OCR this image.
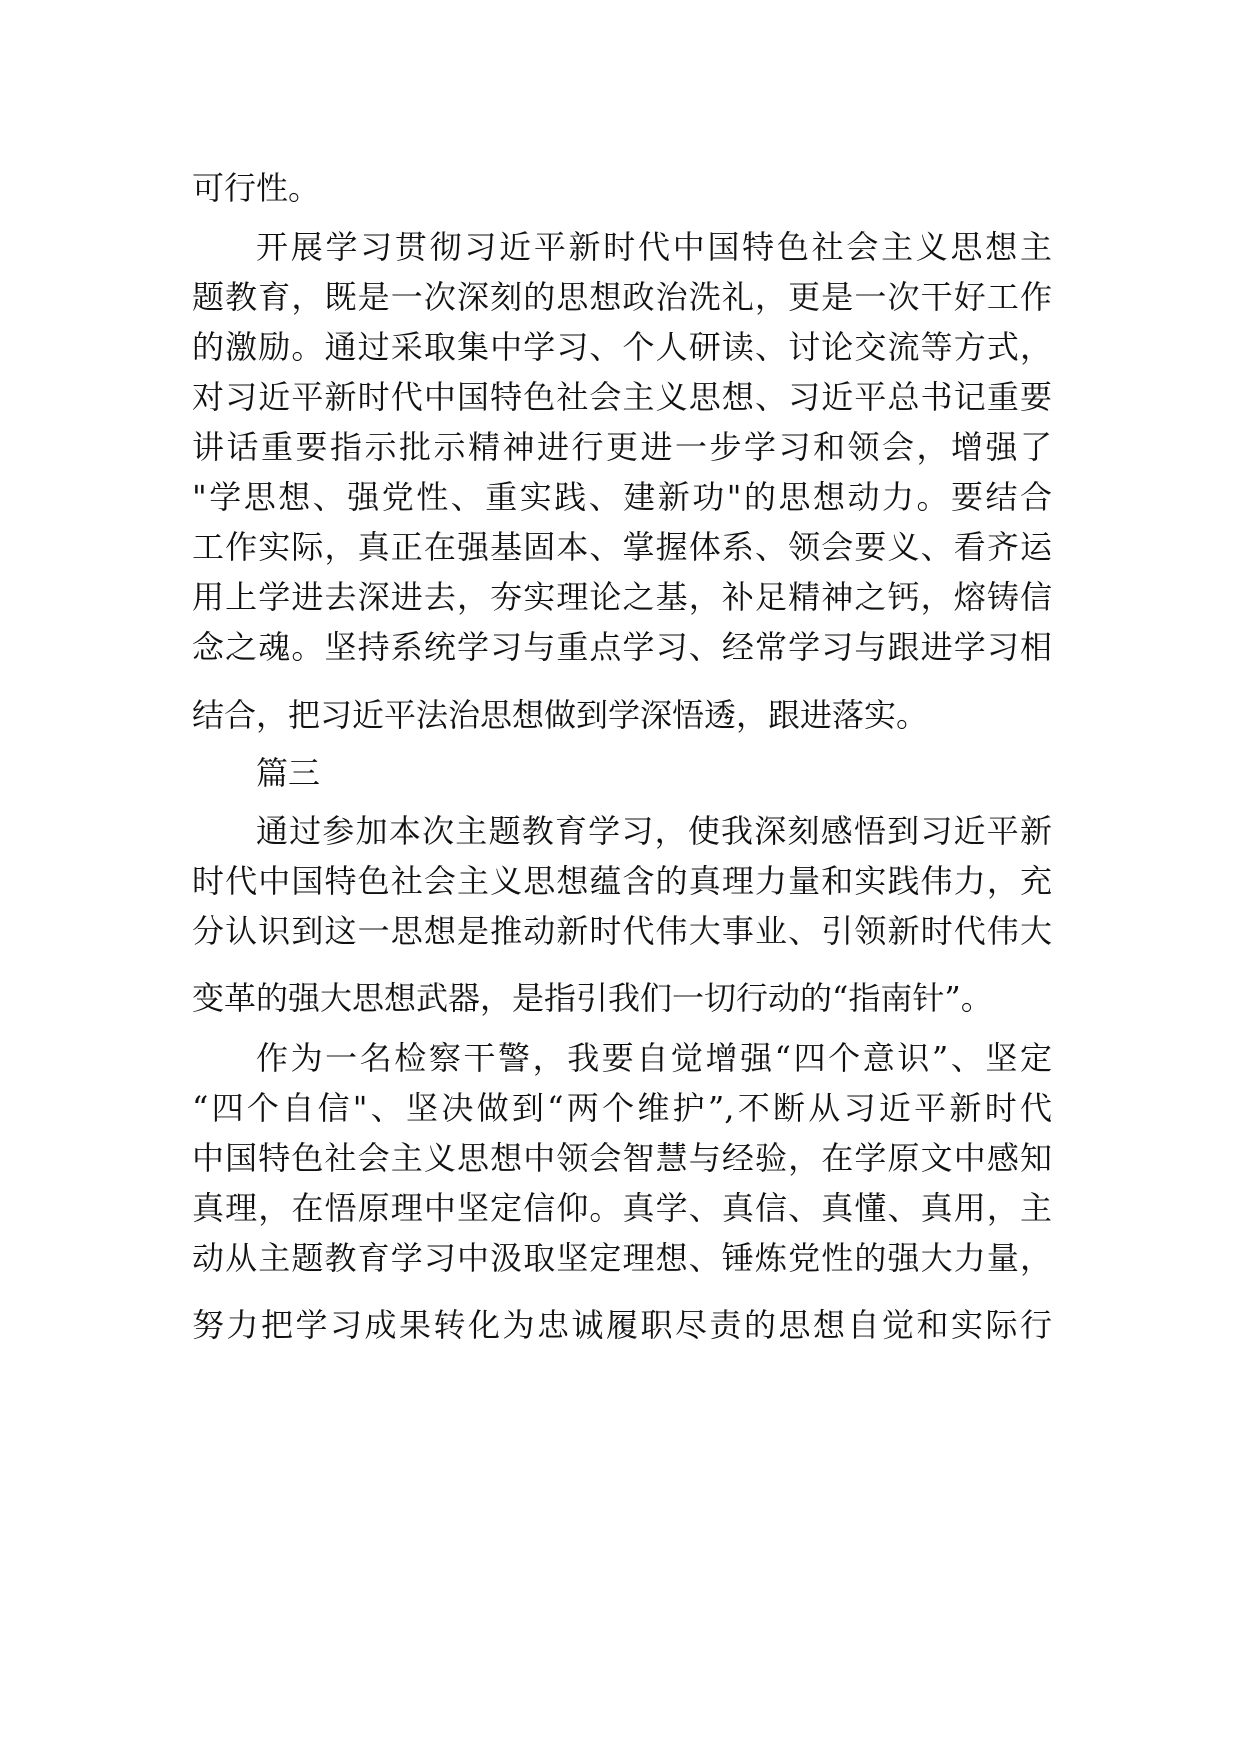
可行性。
开展学习贯彻习近平新时代中国特色社会主义思想主
题教育，既是一次深刻的思想政治洗礼，更是一次干好工作
的激励。通过采取集中学习、个人研读、讨论交流等方式，
对习近平新时代中国特色社会主义思想、习近平总书记重要
讲话重要指示批示精神进行更进一步学习和领会，增强了
"学思想、强党性、重实践、建新功"的思想动力。要结合
工作实际，真正在强基固本、掌握体系、领会要义、看齐运
用上学进去深进去，夯实理论之基，补足精神之钙，熔铸信
念之魂。坚持系统学习与重点学习、经常学习与跟进学习相
结合，把习近平法治思想做到学深悟透，跟进落实。
篇三
通过参加本次主题教育学习，使我深刻感悟到习近平新
时代中国特色社会主义思想蕴含的真理力量和实践伟力，充
分认识到这一思想是推动新时代伟大事业、引领新时代伟大
变革的强大思想武器，是指引我们一切行动的“指南针”。
作为一名检察干警，我要自觉增强“四个意识”、坚定
“四个自信"、坚决做到“两个维护”,不断从习近平新时代
中国特色社会主义思想中领会智慧与经验，在学原文中感知
真理，在悟原理中坚定信仰。真学、真信、真懂、真用，主
动从主题教育学习中汲取坚定理想、锤炼党性的强大力量，
努力把学习成果转化为忠诚履职尽责的思想自觉和实际行
